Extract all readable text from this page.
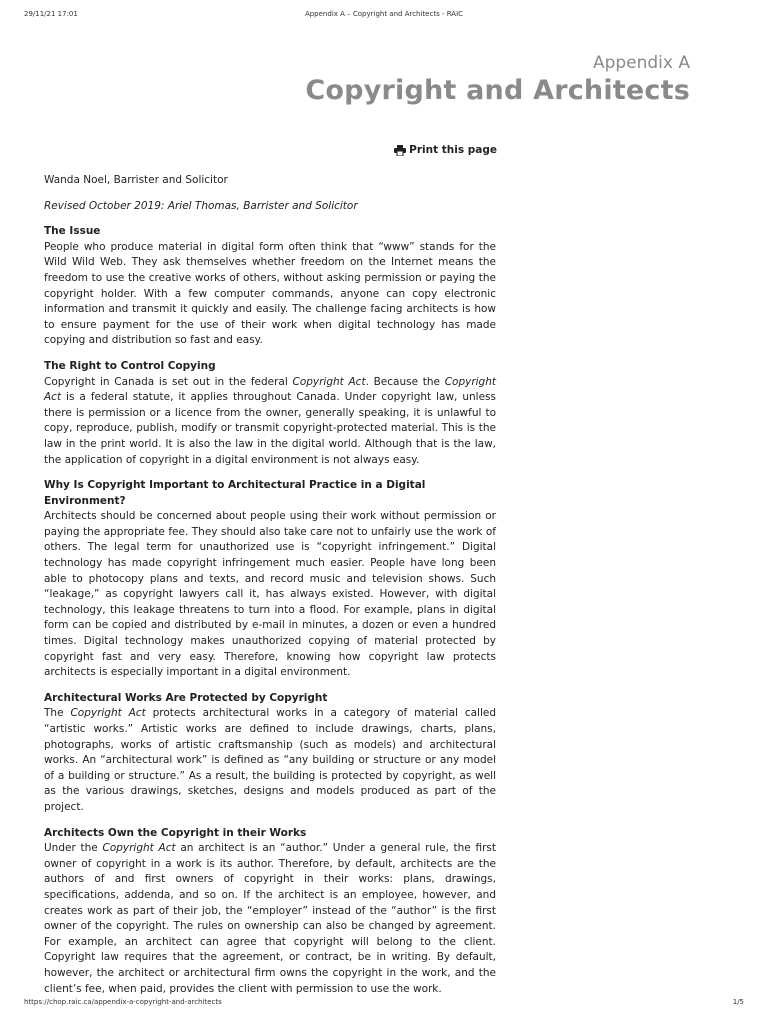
29/11/21 17:01	Appendix A – Copyright and Architects - RAIC
Appendix A
Copyright and Architects
Print this page

Wanda Noel, Barrister and Solicitor

Revised October 2019: Ariel Thomas, Barrister and Solicitor

The Issue

People who produce material in digital form often think that “www” stands for the Wild Wild Web. They ask themselves whether freedom on the Internet means the freedom to use the creative works of others, without asking permission or paying the copyright holder. With a few computer commands, anyone can copy electronic information and transmit it quickly and easily. The challenge facing architects is how to ensure payment for the use of their work when digital technology has made copying and distribution so fast and easy.

The Right to Control Copying

Copyright in Canada is set out in the federal Copyright Act. Because the Copyright Act is a federal statute, it applies throughout Canada. Under copyright law, unless there is permission or a licence from the owner, generally speaking, it is unlawful to copy, reproduce, publish, modify or transmit copyright-protected material. This is the law in the print world. It is also the law in the digital world. Although that is the law, the application of copyright in a digital environment is not always easy.

Why Is Copyright Important to Architectural Practice in a Digital Environment?

Architects should be concerned about people using their work without permission or paying the appropriate fee. They should also take care not to unfairly use the work of others. The legal term for unauthorized use is “copyright infringement.” Digital technology has made copyright infringement much easier. People have long been able to photocopy plans and texts, and record music and television shows. Such “leakage,” as copyright lawyers call it, has always existed. However, with digital technology, this leakage threatens to turn into a flood. For example, plans in digital form can be copied and distributed by e-mail in minutes, a dozen or even a hundred times. Digital technology makes unauthorized copying of material protected by copyright fast and very easy. Therefore, knowing how copyright law protects architects is especially important in a digital environment.

Architectural Works Are Protected by Copyright

The Copyright Act protects architectural works in a category of material called “artistic works.” Artistic works are defined to include drawings, charts, plans, photographs, works of artistic craftsmanship (such as models) and architectural works. An “architectural work” is defined as “any building or structure or any model of a building or structure.” As a result, the building is protected by copyright, as well as the various drawings, sketches, designs and models produced as part of the project.

Architects Own the Copyright in their Works

Under the Copyright Act an architect is an “author.” Under a general rule, the first owner of copyright in a work is its author. Therefore, by default, architects are the authors of and first owners of copyright in their works: plans, drawings, specifications, addenda, and so on. If the architect is an employee, however, and creates work as part of their job, the “employer” instead of the “author” is the first owner of the copyright. The rules on ownership can also be changed by agreement. For example, an architect can agree that copyright will belong to the client. Copyright law requires that the agreement, or contract, be in writing. By default, however, the architect or architectural firm owns the copyright in the work, and the client’s fee, when paid, provides the client with permission to use the work.

https://chop.raic.ca/appendix-a-copyright-and-architects	1/5
